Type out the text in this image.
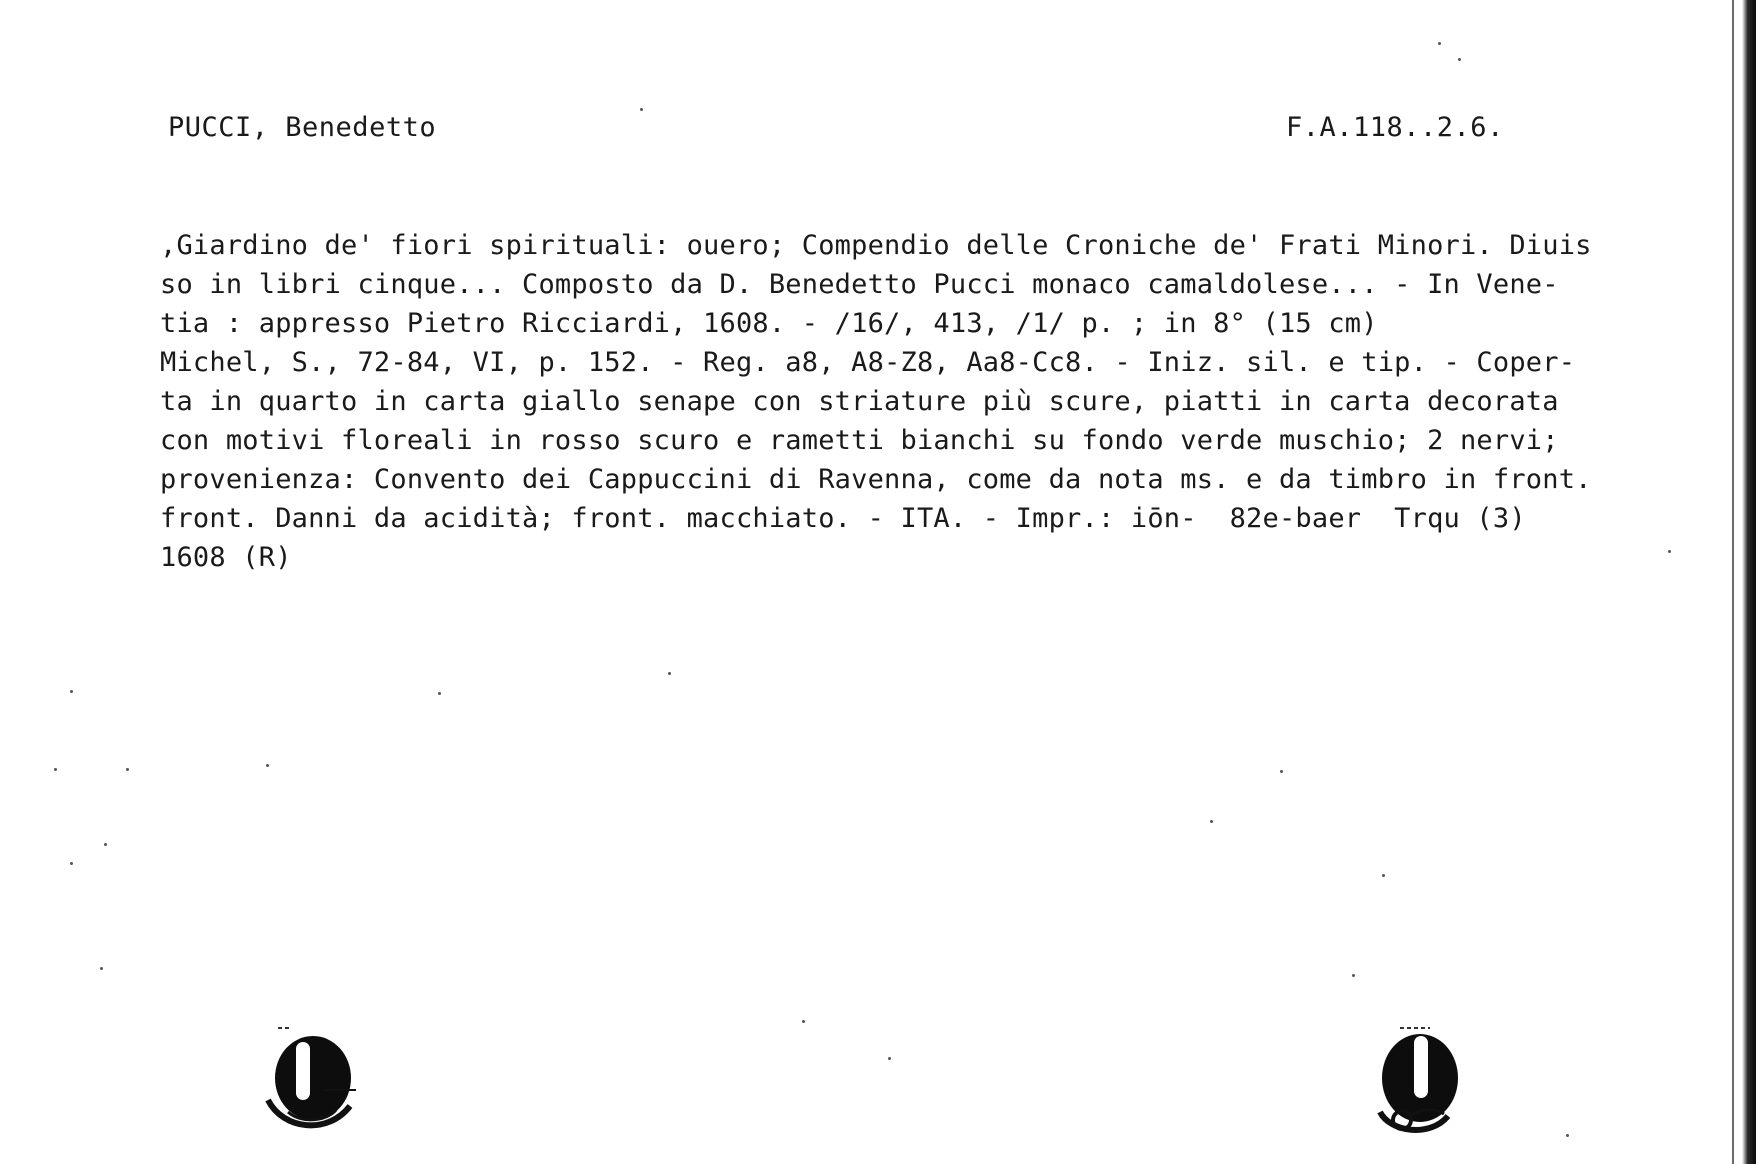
PUCCI, Benedetto	F.A.118..2.6.
,Giardino de' fiori spirituali: ouero; Compendio delle Croniche de' Frati Minori. Diuis
so in libri cinque... Composto da D. Benedetto Pucci monaco camaldolese... - In Vene-
tia : appresso Pietro Ricciardi, 1608. - /16/, 413, /1/ p. ; in 8° (15 cm)
Michel, S., 72-84, VI, p. 152. - Reg. a8, A8-Z8, Aa8-Cc8. - Iniz. sil. e tip. - Coper-
ta in quarto in carta giallo senape con striature più scure, piatti in carta decorata
con motivi floreali in rosso scuro e rametti bianchi su fondo verde muschio; 2 nervi;
provenienza: Convento dei Cappuccini di Ravenna, come da nota ms. e da timbro in front.
front. Danni da acidità; front. macchiato. - ITA. - Impr.: iōn-  82e-baer  Trqu (3)
1608 (R)
